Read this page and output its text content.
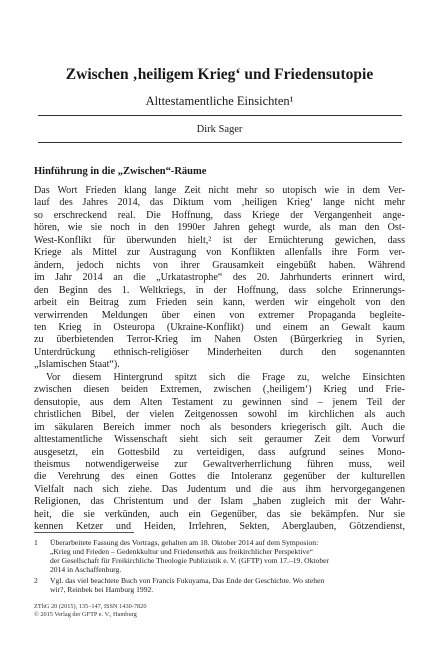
Zwischen ‚heiligem Krieg‘ und Friedensutopie
Alttestamentliche Einsichten¹
Dirk Sager
Hinführung in die „Zwischen“-Räume

Das Wort Frieden klang lange Zeit nicht mehr so utopisch wie in dem Ver-
lauf des Jahres 2014, das Diktum vom ‚heiligen Krieg‘ lange nicht mehr
so erschreckend real. Die Hoffnung, dass Kriege der Vergangenheit ange-
hören, wie sie noch in den 1990er Jahren gehegt wurde, als man den Ost-
West-Konflikt für überwunden hielt,² ist der Ernüchterung gewichen, dass
Kriege als Mittel zur Austragung von Konflikten allenfalls ihre Form ver-
ändern, jedoch nichts von ihrer Grausamkeit eingebüßt haben. Während
im Jahr 2014 an die „Urkatastrophe“ des 20. Jahrhunderts erinnert wird,
den Beginn des 1. Weltkriegs, in der Hoffnung, dass solche Erinnerungs-
arbeit ein Beitrag zum Frieden sein kann, werden wir eingeholt von den
verwirrenden Meldungen über einen von extremer Propaganda begleite-
ten Krieg in Osteuropa (Ukraine-Konflikt) und einem an Gewalt kaum
zu überbietenden Terror-Krieg im Nahen Osten (Bürgerkrieg in Syrien,
Unterdrückung ethnisch-religiöser Minderheiten durch den sogenannten
„Islamischen Staat“).

Vor diesem Hintergrund spitzt sich die Frage zu, welche Einsichten
zwischen diesen beiden Extremen, zwischen (‚heiligem‘) Krieg und Frie-
densutopie, aus dem Alten Testament zu gewinnen sind – jenem Teil der
christlichen Bibel, der vielen Zeitgenossen sowohl im kirchlichen als auch
im säkularen Bereich immer noch als besonders kriegerisch gilt. Auch die
alttestamentliche Wissenschaft sieht sich seit geraumer Zeit dem Vorwurf
ausgesetzt, ein Gottesbild zu verteidigen, dass aufgrund seines Mono-
theismus notwendigerweise zur Gewaltverherrlichung führen muss, weil
die Verehrung des einen Gottes die Intoleranz gegenüber der kulturellen
Vielfalt nach sich ziehe. Das Judentum und die aus ihm hervorgegangenen
Religionen, das Christentum und der Islam „haben zugleich mit der Wahr-
heit, die sie verkünden, auch ein Gegenüber, das sie bekämpfen. Nur sie
kennen Ketzer und Heiden, Irrlehren, Sekten, Aberglauben, Götzendienst,

1 Überarbeitete Fassung des Vortrags, gehalten am 18. Oktober 2014 auf dem Symposion:
„Krieg und Frieden – Gedenkkultur und Friedensethik aus freikirchlicher Perspektive“
der Gesellschaft für Freikirchliche Theologie Publizistik e. V. (GFTP) vom 17.–19. Oktober
2014 in Aschaffenburg.
2 Vgl. das viel beachtete Buch von Francis Fukuyama, Das Ende der Geschichte. Wo stehen
wir?, Reinbek bei Hamburg 1992.
ZThG 20 (2015), 135–147, ISSN 1430-7820
© 2015 Verlag der GFTP e. V., Hamburg
